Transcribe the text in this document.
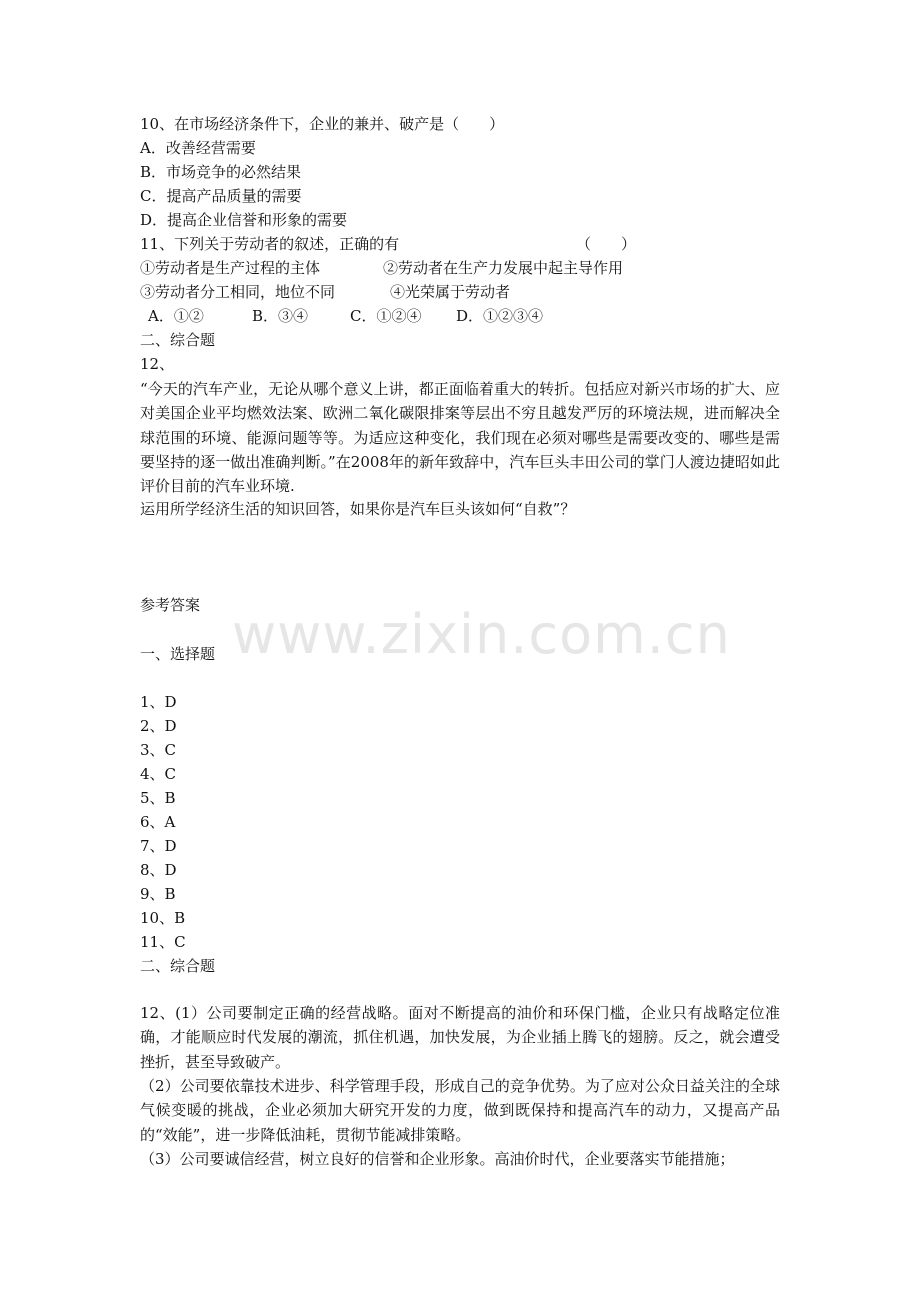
10、在市场经济条件下，企业的兼并、破产是（　　）
A．改善经营需要
B．市场竞争的必然结果
C．提高产品质量的需要
D．提高企业信誉和形象的需要
11、下列关于劳动者的叙述，正确的有	（　　）
①劳动者是生产过程的主体	②劳动者在生产力发展中起主导作用
③劳动者分工相同，地位不同	④光荣属于劳动者
A．①②	B．③④	C．①②④ D．①②③④
二、综合题
12、
“今天的汽车产业，无论从哪个意义上讲，都正面临着重大的转折。包括应对新兴市场的扩大、应对美国企业平均燃效法案、欧洲二氧化碳限排案等层出不穷且越发严厉的环境法规，进而解决全球范围的环境、能源问题等等。为适应这种变化，我们现在必须对哪些是需要改变的、哪些是需要坚持的逐一做出准确判断。”在2008年的新年致辞中，汽车巨头丰田公司的掌门人渡边捷昭如此评价目前的汽车业环境.
运用所学经济生活的知识回答，如果你是汽车巨头该如何“自救”？
参考答案
一、选择题
1、D
2、D
3、C
4、C
5、B
6、A
7、D
8、D
9、B
10、B
11、C
二、综合题
12、(1）公司要制定正确的经营战略。面对不断提高的油价和环保门槛，企业只有战略定位准确，才能顺应时代发展的潮流，抓住机遇，加快发展，为企业插上腾飞的翅膀。反之，就会遭受挫折，甚至导致破产。
（2）公司要依靠技术进步、科学管理手段，形成自己的竞争优势。为了应对公众日益关注的全球气候变暖的挑战，企业必须加大研究开发的力度，做到既保持和提高汽车的动力，又提高产品的“效能”，进一步降低油耗，贯彻节能减排策略。
（3）公司要诚信经营，树立良好的信誉和企业形象。高油价时代，企业要落实节能措施；
www.zixin.com.cn
